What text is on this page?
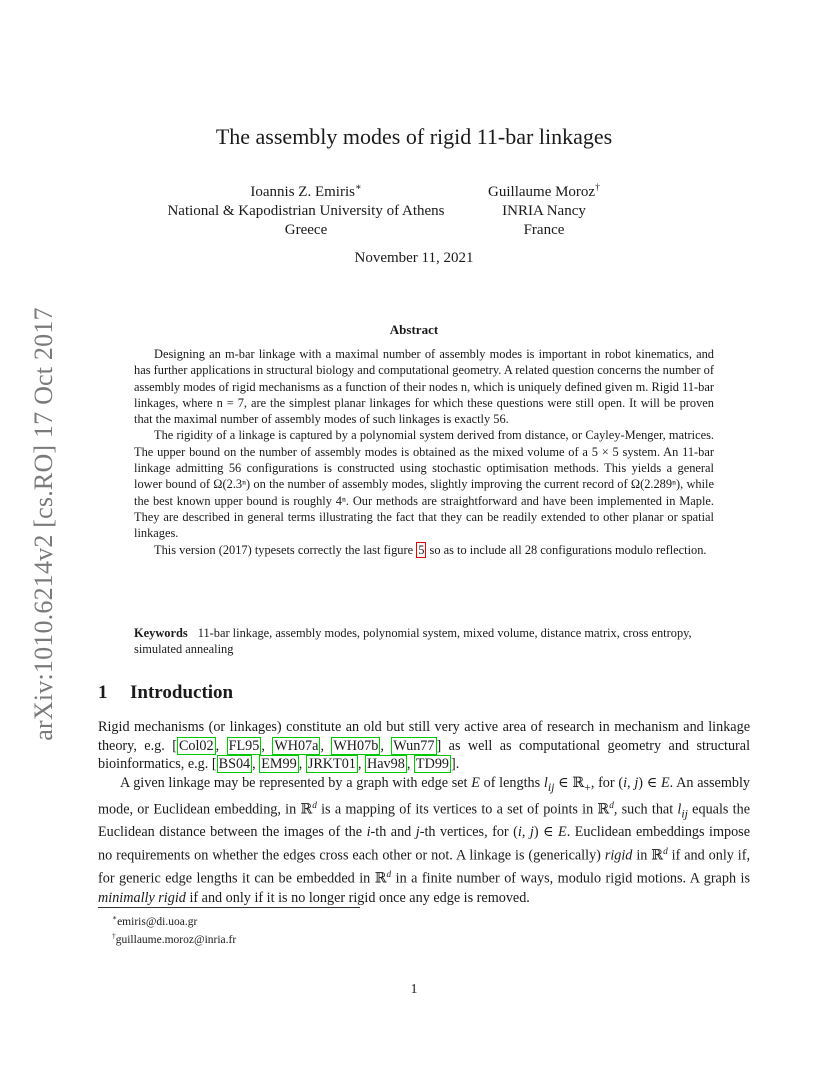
arXiv:1010.6214v2 [cs.RO] 17 Oct 2017
The assembly modes of rigid 11-bar linkages
Ioannis Z. Emiris∗
National & Kapodistrian University of Athens
Greece
Guillaume Moroz†
INRIA Nancy
France
November 11, 2021
Abstract

Designing an m-bar linkage with a maximal number of assembly modes is important in robot kinematics, and has further applications in structural biology and computational geometry. A related question concerns the number of assembly modes of rigid mechanisms as a function of their nodes n, which is uniquely defined given m. Rigid 11-bar linkages, where n = 7, are the simplest planar linkages for which these questions were still open. It will be proven that the maximal number of assembly modes of such linkages is exactly 56.

The rigidity of a linkage is captured by a polynomial system derived from distance, or Cayley-Menger, matrices. The upper bound on the number of assembly modes is obtained as the mixed volume of a 5 × 5 system. An 11-bar linkage admitting 56 configurations is constructed using stochastic optimisation methods. This yields a general lower bound of Ω(2.3ⁿ) on the number of assembly modes, slightly improving the current record of Ω(2.289ⁿ), while the best known upper bound is roughly 4ⁿ. Our methods are straightforward and have been implemented in Maple. They are described in general terms illustrating the fact that they can be readily extended to other planar or spatial linkages.

This version (2017) typesets correctly the last figure 5 so as to include all 28 configurations modulo reflection.

Keywords 11-bar linkage, assembly modes, polynomial system, mixed volume, distance matrix, cross entropy, simulated annealing
1 Introduction

Rigid mechanisms (or linkages) constitute an old but still very active area of research in mechanism and linkage theory, e.g. [ Col02 , FL95 , WH07a , WH07b , Wun77 ] as well as computational geometry and structural bioinformatics, e.g. [ BS04 , EM99 , JRKT01 , Hav98 , TD99 ].

A given linkage may be represented by a graph with edge set E of lengths $l_{ij}$ ∈ ℝ$_+$, for (i, j) ∈ E. An assembly mode, or Euclidean embedding, in ℝ$^d$ is a mapping of its vertices to a set of points in ℝ$^d$, such that $l_{ij}$ equals the Euclidean distance between the images of the i-th and j-th vertices, for (i, j) ∈ E. Euclidean embeddings impose no requirements on whether the edges cross each other or not. A linkage is (generically) rigid in ℝ$^d$ if and only if, for generic edge lengths it can be embedded in ℝ$^d$ in a finite number of ways, modulo rigid motions. A graph is minimally rigid if and only if it is no longer rigid once any edge is removed.

∗emiris@di.uoa.gr
†guillaume.moroz@inria.fr
1
